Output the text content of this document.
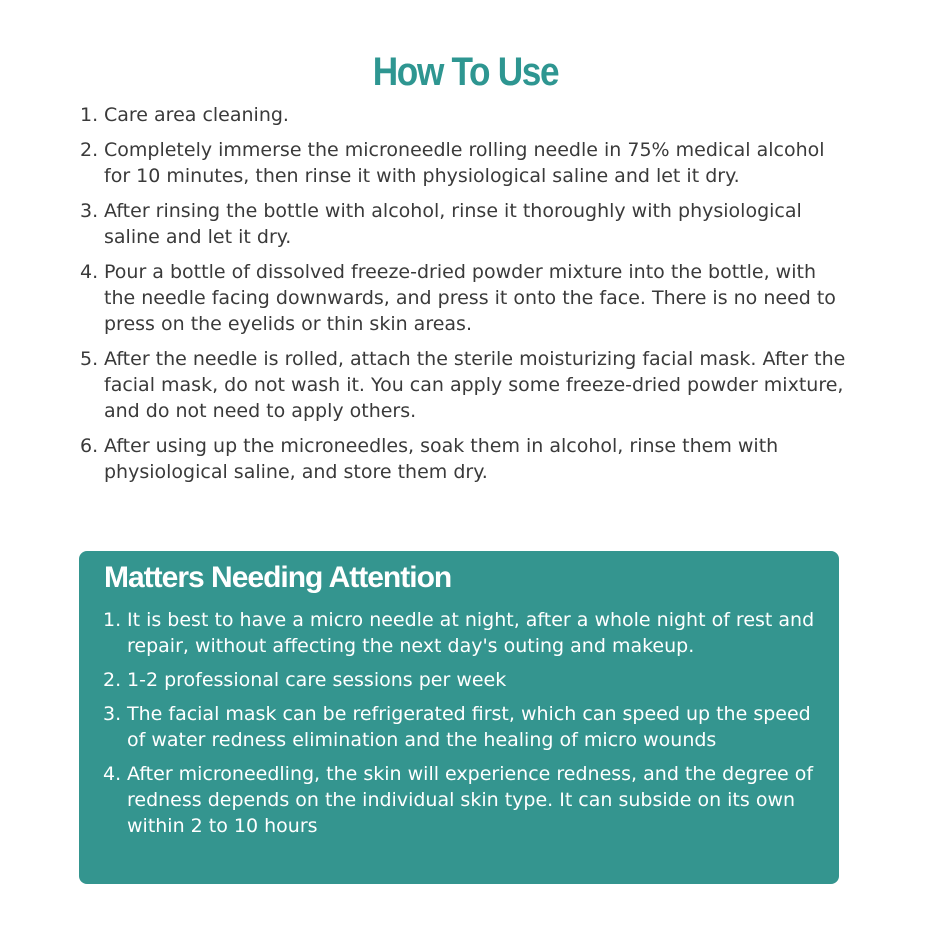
How To Use
1. Care area cleaning.
2. Completely immerse the microneedle rolling needle in 75% medical alcohol for 10 minutes, then rinse it with physiological saline and let it dry.
3. After rinsing the bottle with alcohol, rinse it thoroughly with physiological saline and let it dry.
4. Pour a bottle of dissolved freeze-dried powder mixture into the bottle, with the needle facing downwards, and press it onto the face. There is no need to press on the eyelids or thin skin areas.
5. After the needle is rolled, attach the sterile moisturizing facial mask. After the facial mask, do not wash it. You can apply some freeze-dried powder mixture, and do not need to apply others.
6. After using up the microneedles, soak them in alcohol, rinse them with physiological saline, and store them dry.
Matters Needing Attention
1. It is best to have a micro needle at night, after a whole night of rest and repair, without affecting the next day's outing and makeup.
2. 1-2 professional care sessions per week
3. The facial mask can be refrigerated first, which can speed up the speed of water redness elimination and the healing of micro wounds
4. After microneedling, the skin will experience redness, and the degree of redness depends on the individual skin type. It can subside on its own within 2 to 10 hours
